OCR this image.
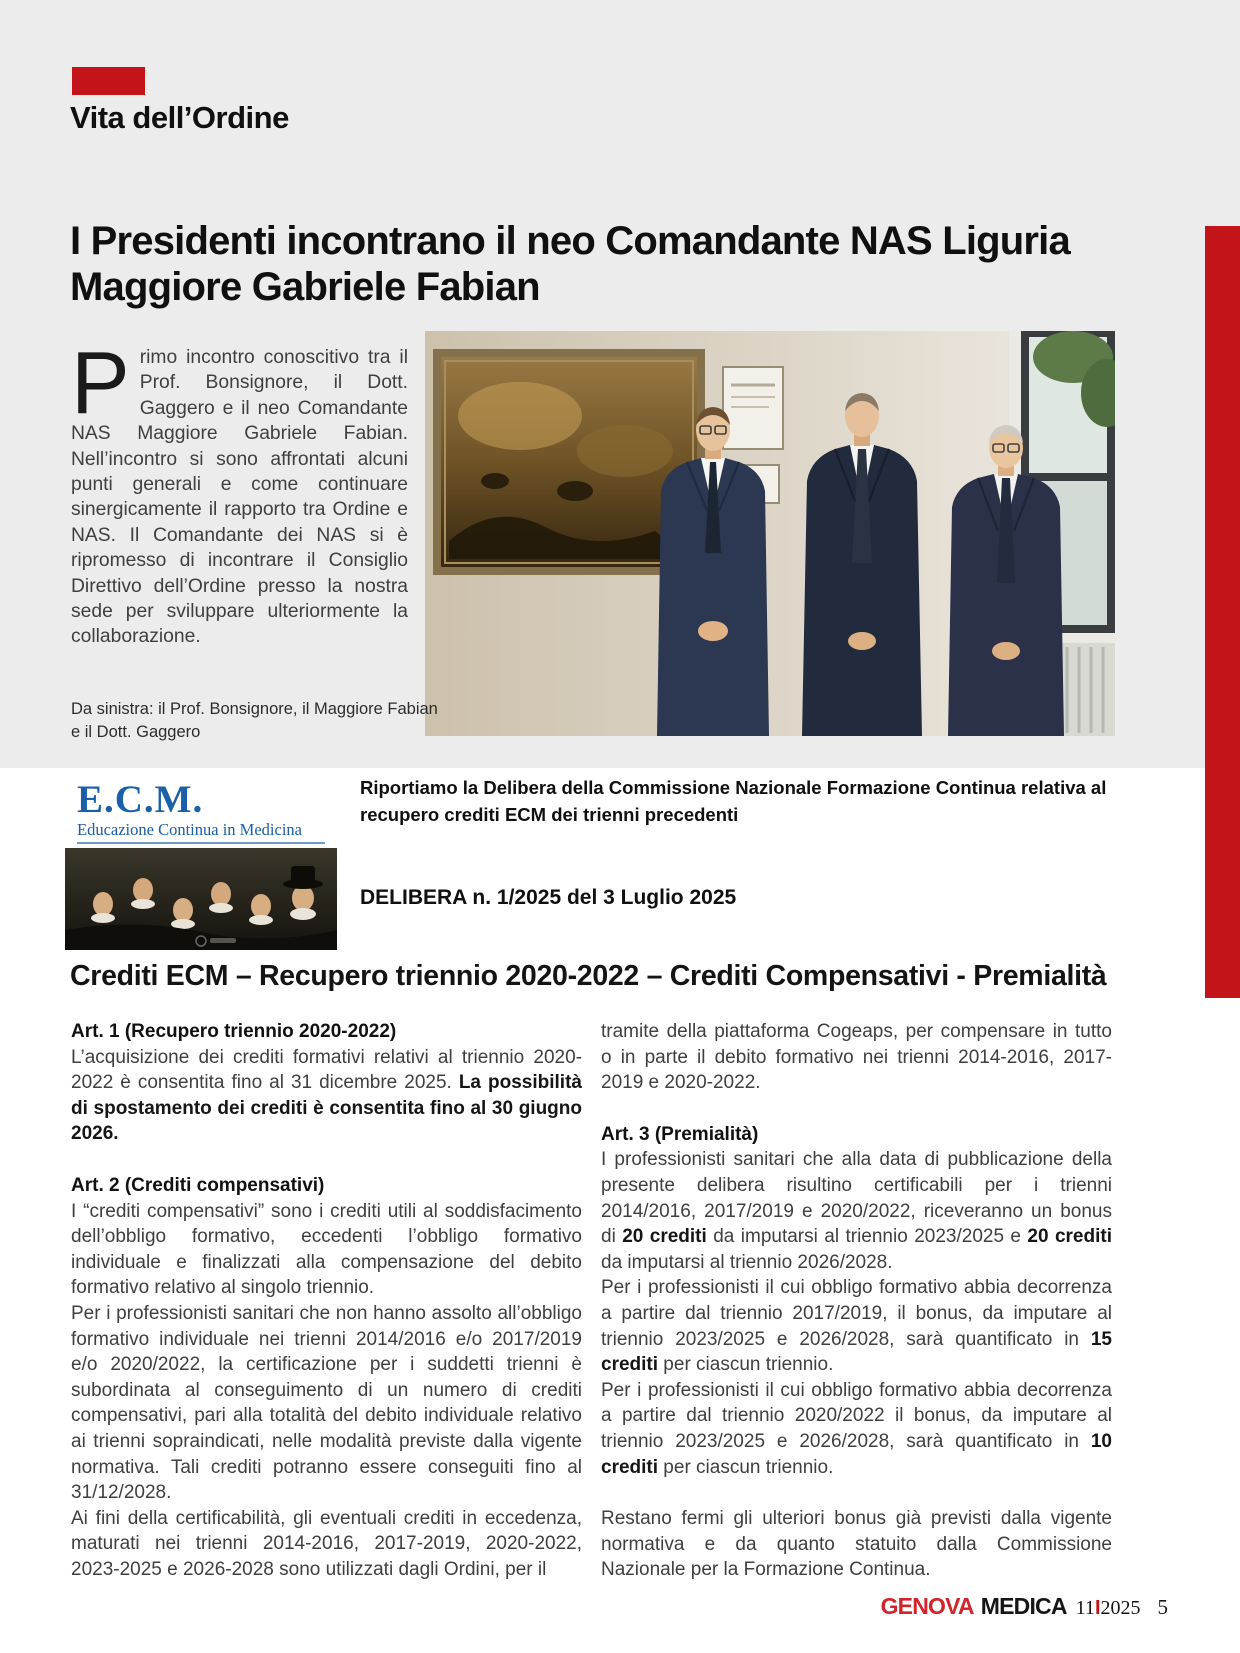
Vita dell’Ordine
I Presidenti incontrano il neo Comandante NAS Liguria Maggiore Gabriele Fabian
Primo incontro conoscitivo tra il Prof. Bonsignore, il Dott. Gaggero e il neo Comandante NAS Maggiore Gabriele Fabian. Nell’incontro si sono affrontati alcuni punti generali e come continuare sinergicamente il rapporto tra Ordine e NAS. Il Comandante dei NAS si è ripromesso di incontrare il Consiglio Direttivo dell’Ordine presso la nostra sede per sviluppare ulteriormente la collaborazione.
Da sinistra: il Prof. Bonsignore, il Maggiore Fabian e il Dott. Gaggero
E.C.M.
Educazione Continua in Medicina
Riportiamo la Delibera della Commissione Nazionale Formazione Continua relativa al recupero crediti ECM dei trienni precedenti
DELIBERA n. 1/2025 del 3 Luglio 2025
Crediti ECM – Recupero triennio 2020-2022 – Crediti Compensativi - Premialità
Art. 1 (Recupero triennio 2020-2022)

L’acquisizione dei crediti formativi relativi al triennio 2020-2022 è consentita fino al 31 dicembre 2025. La possibilità di spostamento dei crediti è consentita fino al 30 giugno 2026.

Art. 2 (Crediti compensativi)

I “crediti compensativi” sono i crediti utili al soddisfacimento dell’obbligo formativo, eccedenti l’obbligo formativo individuale e finalizzati alla compensazione del debito formativo relativo al singolo triennio.

Per i professionisti sanitari che non hanno assolto all’obbligo formativo individuale nei trienni 2014/2016 e/o 2017/2019 e/o 2020/2022, la certificazione per i suddetti trienni è subordinata al conseguimento di un numero di crediti compensativi, pari alla totalità del debito individuale relativo ai trienni sopraindicati, nelle modalità previste dalla vigente normativa. Tali crediti potranno essere conseguiti fino al 31/12/2028.

Ai fini della certificabilità, gli eventuali crediti in eccedenza, maturati nei trienni 2014-2016, 2017-2019, 2020-2022, 2023-2025 e 2026-2028 sono utilizzati dagli Ordini, per il

tramite della piattaforma Cogeaps, per compensare in tutto o in parte il debito formativo nei trienni 2014-2016, 2017-2019 e 2020-2022.

Art. 3 (Premialità)

I professionisti sanitari che alla data di pubblicazione della presente delibera risultino certificabili per i trienni 2014/2016, 2017/2019 e 2020/2022, riceveranno un bonus di 20 crediti da imputarsi al triennio 2023/2025 e 20 crediti da imputarsi al triennio 2026/2028.

Per i professionisti il cui obbligo formativo abbia decorrenza a partire dal triennio 2017/2019, il bonus, da imputare al triennio 2023/2025 e 2026/2028, sarà quantificato in 15 crediti per ciascun triennio.

Per i professionisti il cui obbligo formativo abbia decorrenza a partire dal triennio 2020/2022 il bonus, da imputare al triennio 2023/2025 e 2026/2028, sarà quantificato in 10 crediti per ciascun triennio.

Restano fermi gli ulteriori bonus già previsti dalla vigente normativa e da quanto statuito dalla Commissione Nazionale per la Formazione Continua.

GENOVA MEDICA 11I2025 5
